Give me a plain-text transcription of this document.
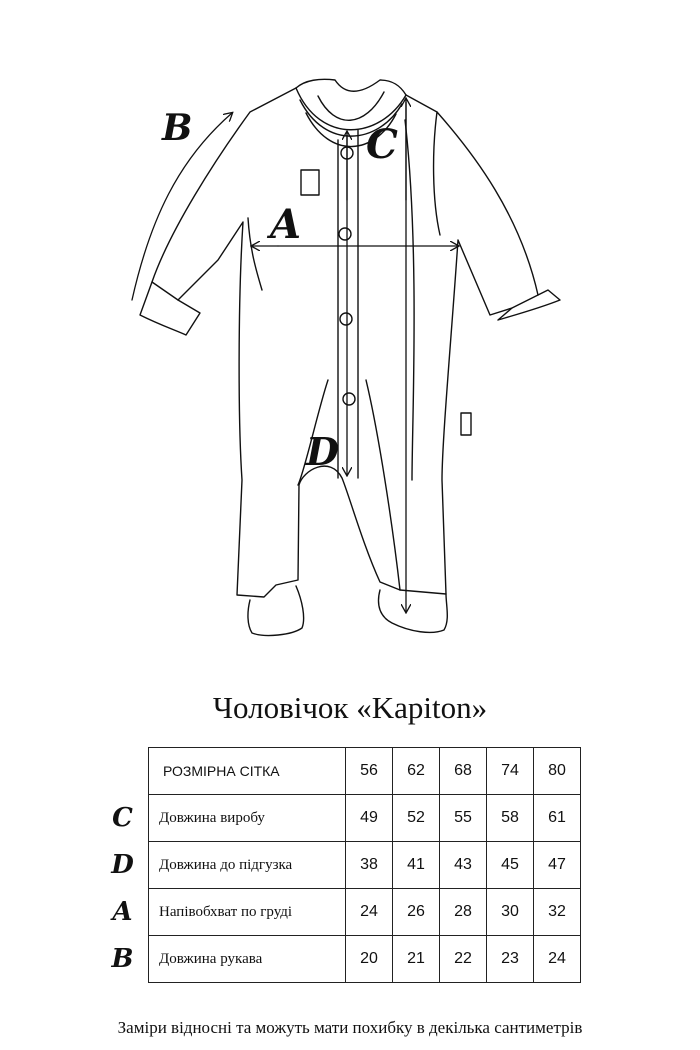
B	C
A
D
Чоловічок «Kapiton»
C
D
A
B
РОЗМІРНА СІТКА	56	62	68	74	80
Довжина виробу	49	52	55	58	61
Довжина до підгузка	38	41	43	45	47
Напівобхват по груді	24	26	28	30	32
Довжина рукава	20	21	22	23	24
Заміри відносні та можуть мати похибку в декілька сантиметрів
